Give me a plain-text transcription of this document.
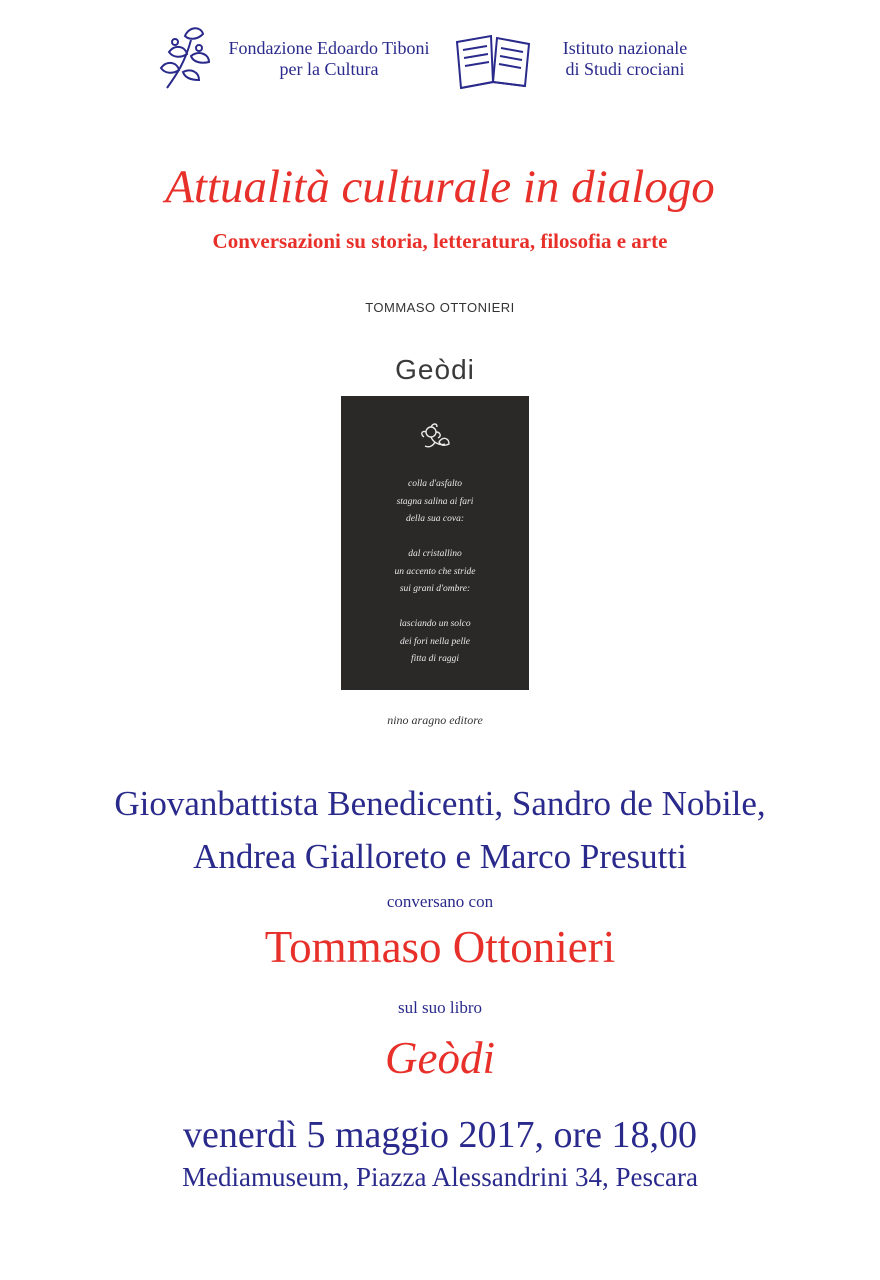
Fondazione Edoardo Tiboni
per la Cultura
Istituto nazionale
di Studi crociani
Attualità culturale in dialogo
Conversazioni su storia, letteratura, filosofia e arte
TOMMASO OTTONIERI
Geòdi
colla d'asfalto
stagna salina ai fari
della sua cova:
dal cristallino
un accento che stride
sui grani d'ombre:
lasciando un solco
dei fori nella pelle
fitta di raggi
nino aragno editore
Giovanbattista Benedicenti, Sandro de Nobile,
Andrea Gialloreto e Marco Presutti
conversano con
Tommaso Ottonieri
sul suo libro
Geòdi
venerdì 5 maggio 2017, ore 18,00
Mediamuseum, Piazza Alessandrini 34, Pescara
